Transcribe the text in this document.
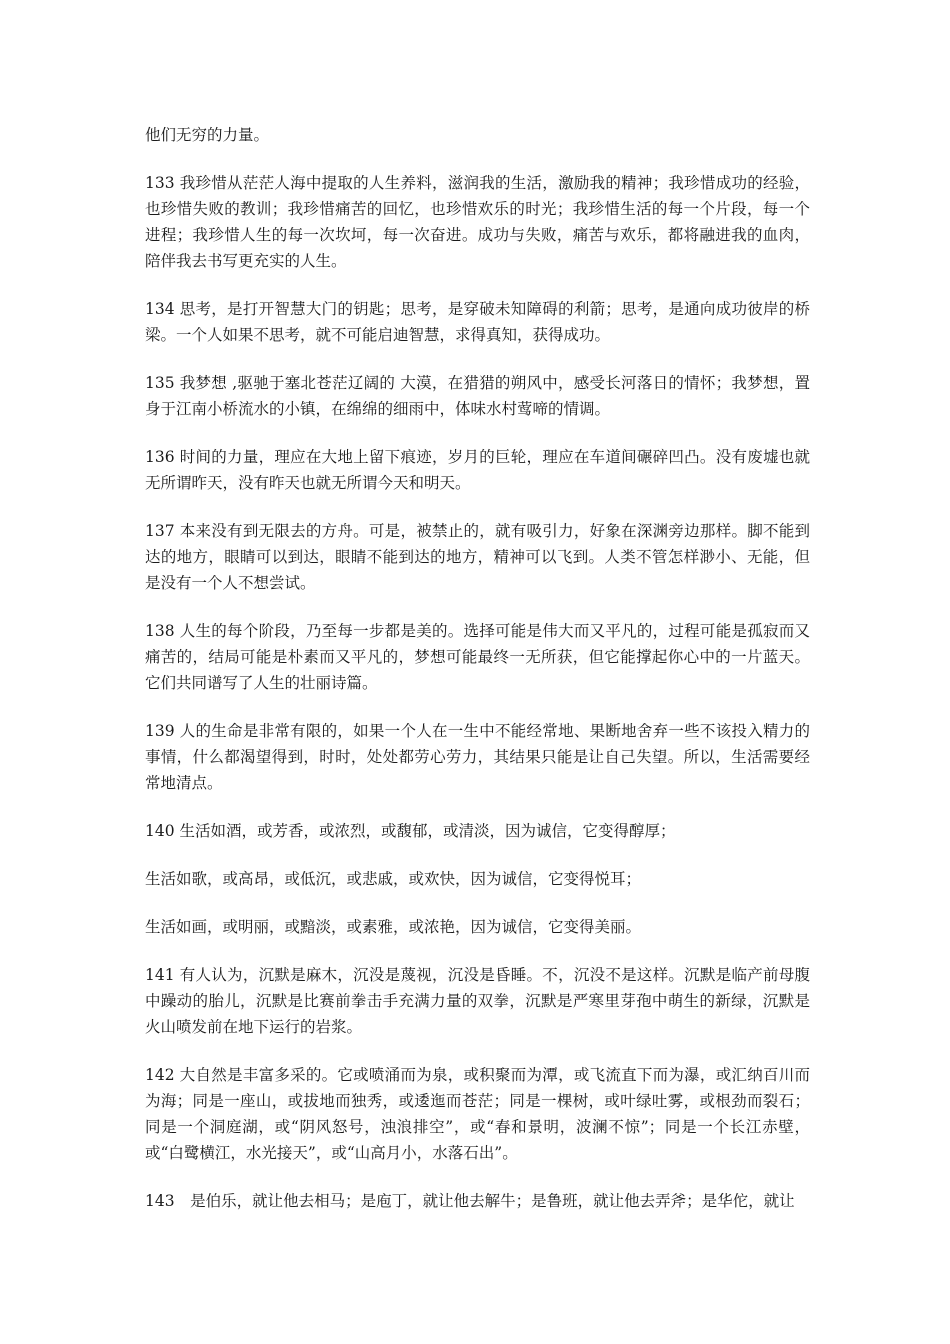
他们无穷的力量。

133 我珍惜从茫茫人海中提取的人生养料，滋润我的生活，激励我的精神；我珍惜成功的经验，也珍惜失败的教训；我珍惜痛苦的回忆，也珍惜欢乐的时光；我珍惜生活的每一个片段，每一个进程；我珍惜人生的每一次坎坷，每一次奋进。成功与失败，痛苦与欢乐，都将融进我的血肉，陪伴我去书写更充实的人生。

134 思考，是打开智慧大门的钥匙；思考，是穿破未知障碍的利箭；思考，是通向成功彼岸的桥梁。一个人如果不思考，就不可能启迪智慧，求得真知，获得成功。

135 我梦想 ,驱驰于塞北苍茫辽阔的 大漠，在猎猎的朔风中，感受长河落日的情怀；我梦想，置身于江南小桥流水的小镇，在绵绵的细雨中，体味水村莺啼的情调。

136 时间的力量，理应在大地上留下痕迹，岁月的巨轮，理应在车道间碾碎凹凸。没有废墟也就无所谓昨天，没有昨天也就无所谓今天和明天。

137 本来没有到无限去的方舟。可是，被禁止的，就有吸引力，好象在深渊旁边那样。脚不能到达的地方，眼睛可以到达，眼睛不能到达的地方，精神可以飞到。人类不管怎样渺小、无能，但是没有一个人不想尝试。

138 人生的每个阶段，乃至每一步都是美的。选择可能是伟大而又平凡的，过程可能是孤寂而又痛苦的，结局可能是朴素而又平凡的，梦想可能最终一无所获，但它能撑起你心中的一片蓝天。它们共同谱写了人生的壮丽诗篇。

139 人的生命是非常有限的，如果一个人在一生中不能经常地、果断地舍弃一些不该投入精力的事情，什么都渴望得到，时时，处处都劳心劳力，其结果只能是让自己失望。所以，生活需要经常地清点。

140 生活如酒，或芳香，或浓烈，或馥郁，或清淡，因为诚信，它变得醇厚；

生活如歌，或高昂，或低沉，或悲戚，或欢快，因为诚信，它变得悦耳；

生活如画，或明丽，或黯淡，或素雅，或浓艳，因为诚信，它变得美丽。

141 有人认为，沉默是麻木，沉没是蔑视，沉没是昏睡。不，沉没不是这样。沉默是临产前母腹中躁动的胎儿，沉默是比赛前拳击手充满力量的双拳，沉默是严寒里芽孢中萌生的新绿，沉默是火山喷发前在地下运行的岩浆。

142 大自然是丰富多采的。它或喷涌而为泉，或积聚而为潭，或飞流直下而为瀑，或汇纳百川而为海；同是一座山，或拔地而独秀，或逶迤而苍茫；同是一棵树，或叶绿吐雾，或根劲而裂石；同是一个洞庭湖，或“阴风怒号，浊浪排空”，或“春和景明，波澜不惊”；同是一个长江赤壁，或“白鹭横江，水光接天”，或“山高月小，水落石出”。

143　是伯乐，就让他去相马；是庖丁，就让他去解牛；是鲁班，就让他去弄斧；是华佗，就让
